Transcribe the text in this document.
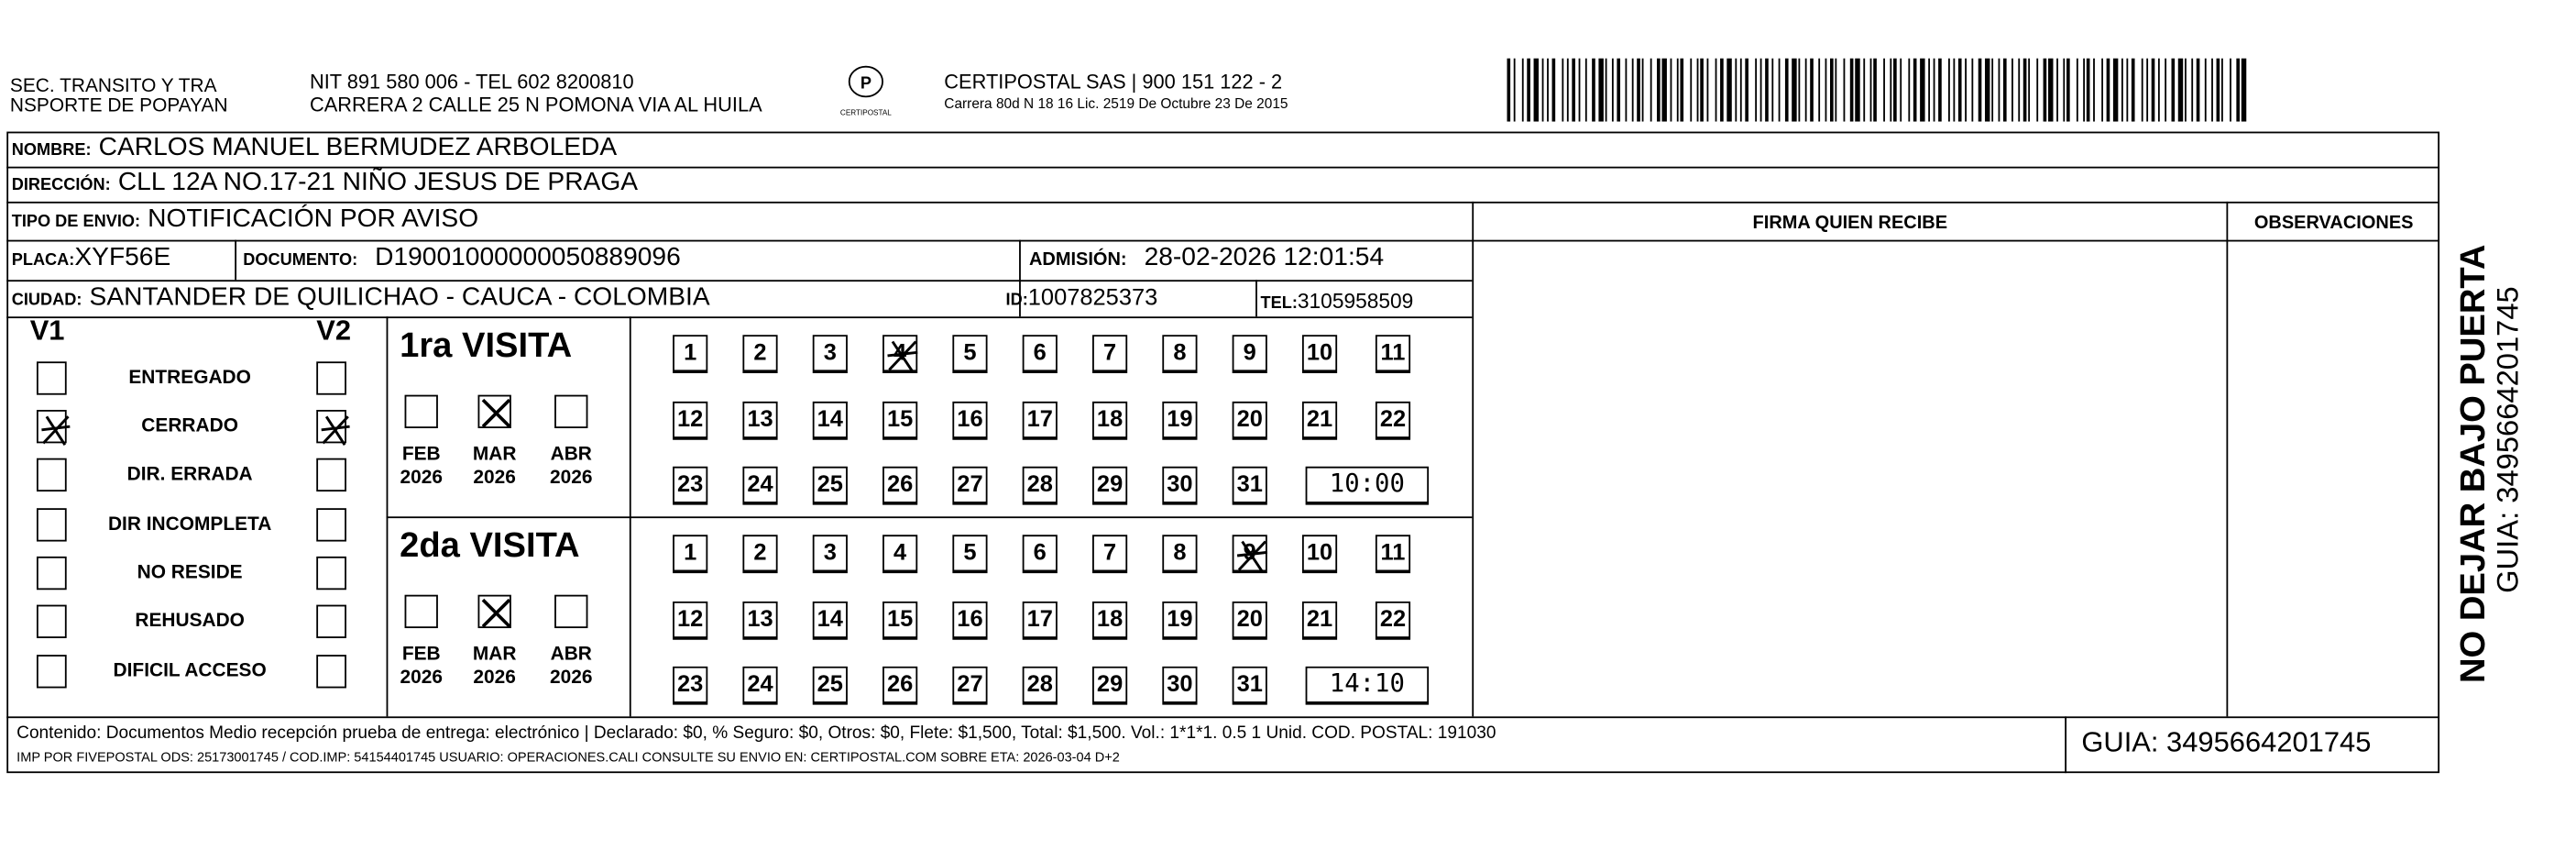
SEC. TRANSITO Y TRA
NSPORTE DE POPAYAN
NIT 891 580 006 - TEL 602 8200810
CARRERA 2 CALLE 25 N POMONA VIA AL HUILA
P
CERTIPOSTAL
CERTIPOSTAL SAS | 900 151 122 - 2
Carrera 80d N 18 16 Lic. 2519 De Octubre 23 De 2015
NOMBRE: CARLOS MANUEL BERMUDEZ ARBOLEDA
DIRECCIÓN: CLL 12A NO.17-21 NIÑO JESUS DE PRAGA
TIPO DE ENVIO: NOTIFICACIÓN POR AVISO	FIRMA QUIEN RECIBE	OBSERVACIONES
PLACA:XYF56E	DOCUMENTO: D19001000000050889096	ADMISIÓN: 28-02-2026 12:01:54
CIUDAD: SANTANDER DE QUILICHAO - CAUCA - COLOMBIA	ID:1007825373	TEL:3105958509
V1	V2
ENTREGADO
CERRADO
DIR. ERRADA
DIR INCOMPLETA
NO RESIDE
REHUSADO
DIFICIL ACCESO
1ra VISITA
FEB
2026
MAR
2026
ABR
2026
1	2	3	4	5	6	7	8	9	10	11
12	13	14	15	16	17	18	19	20	21	22
23	24	25	26	27	28	29	30	31	10:00
2da VISITA
FEB
2026
MAR
2026
ABR
2026
1	2	3	4	5	6	7	8	9	10	11
12	13	14	15	16	17	18	19	20	21	22
23	24	25	26	27	28	29	30	31	14:10
Contenido: Documentos Medio recepción prueba de entrega: electrónico | Declarado: $0, % Seguro: $0, Otros: $0, Flete: $1,500, Total: $1,500. Vol.: 1*1*1. 0.5 1 Unid. COD. POSTAL: 191030
IMP POR FIVEPOSTAL ODS: 25173001745 / COD.IMP: 54154401745 USUARIO: OPERACIONES.CALI CONSULTE SU ENVIO EN: CERTIPOSTAL.COM SOBRE ETA: 2026-03-04 D+2	GUIA: 3495664201745
NO DEJAR BAJO PUERTA
GUIA: 3495664201745
